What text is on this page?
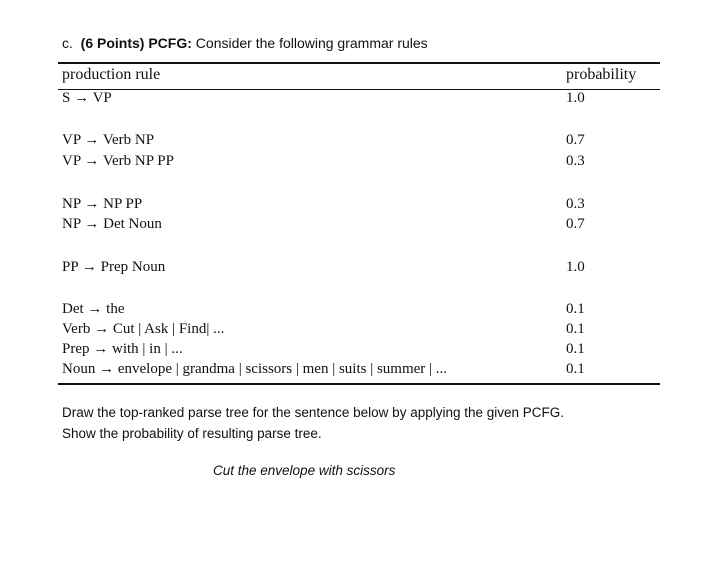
c. (6 Points) PCFG: Consider the following grammar rules
production rule	probability
S → VP	1.0
VP → Verb NP	0.7
VP → Verb NP PP	0.3
NP → NP PP	0.3
NP → Det Noun	0.7
PP → Prep Noun	1.0
Det → the	0.1
Verb → Cut | Ask | Find| ...	0.1
Prep → with | in | ...	0.1
Noun → envelope | grandma | scissors | men | suits | summer | ...	0.1
Draw the top-ranked parse tree for the sentence below by applying the given PCFG.
Show the probability of resulting parse tree.
Cut the envelope with scissors
